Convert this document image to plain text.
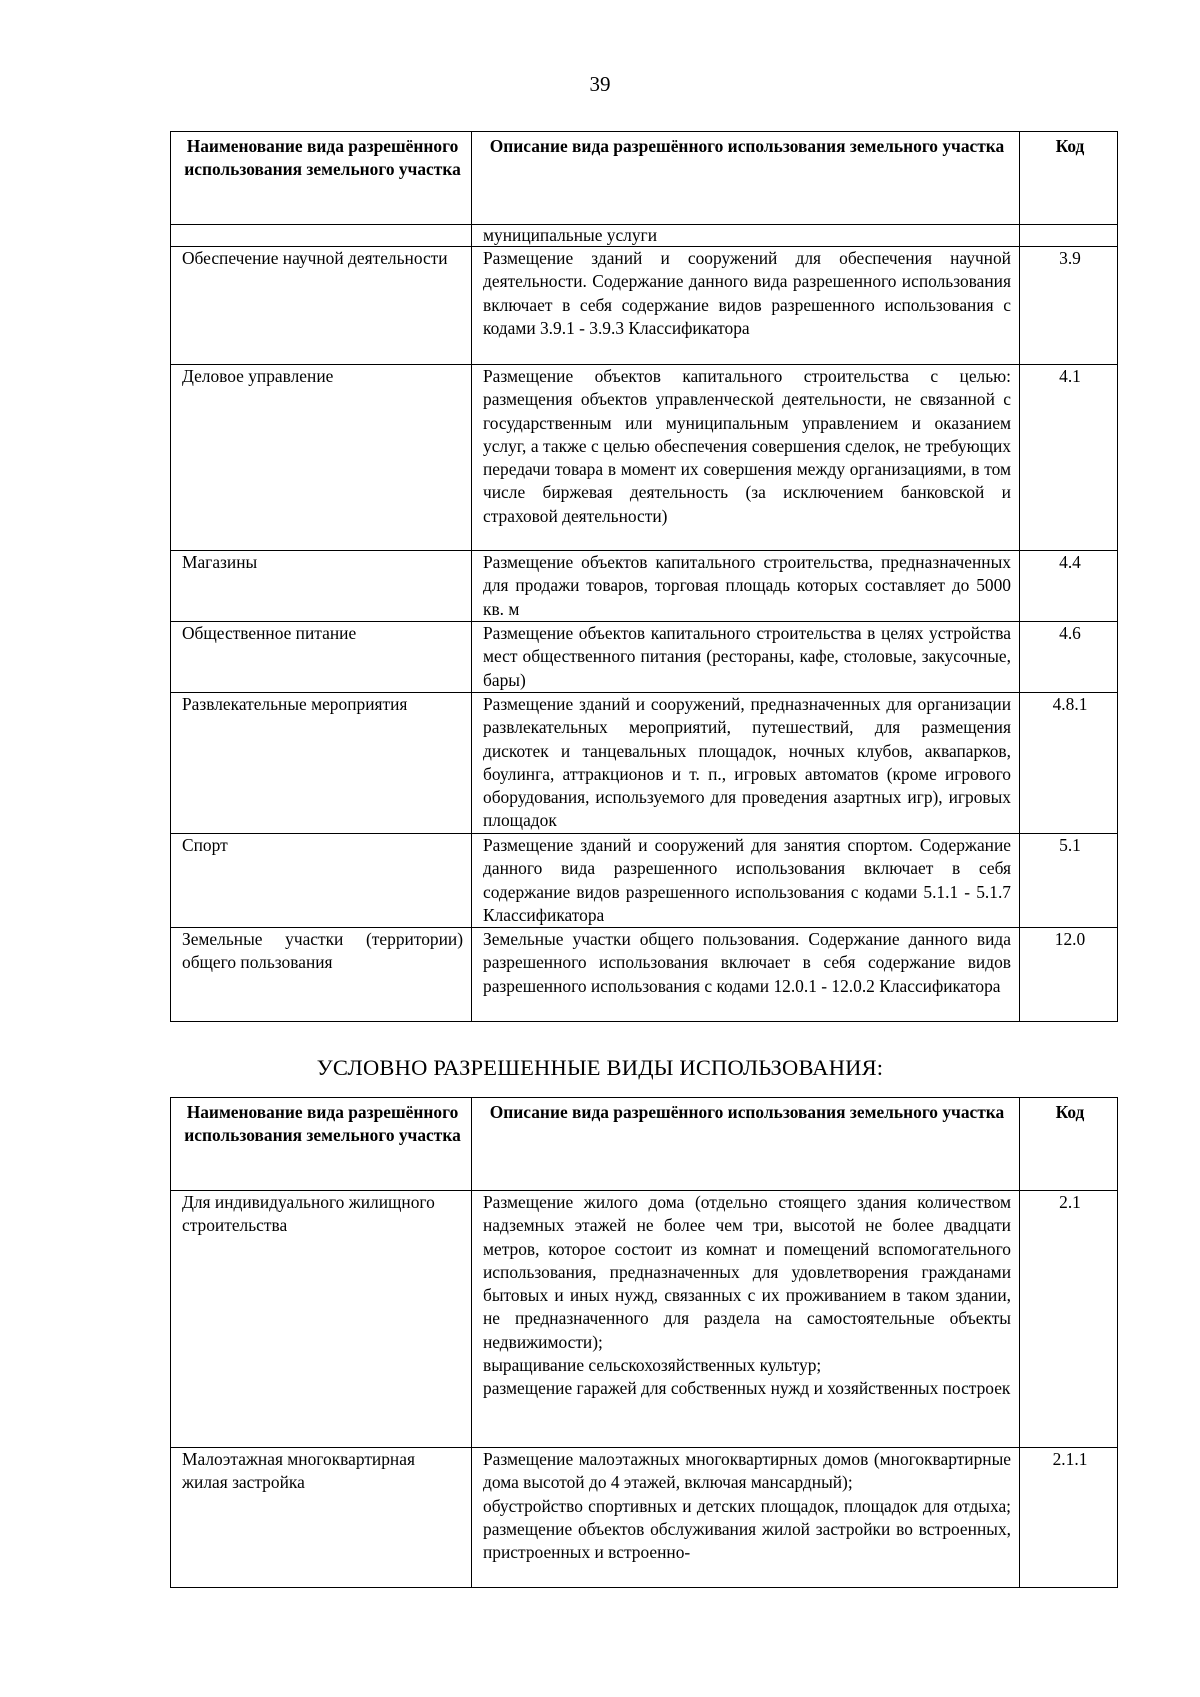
39
Наименование вида разрешённого использования земельного участка	Описание вида разрешённого использования земельного участка	Код
	муниципальные услуги	
Обеспечение научной деятельности	Размещение зданий и сооружений для обеспечения научной деятельности. Содержание данного вида разрешенного использования включает в себя содержание видов разрешенного использования с кодами 3.9.1 - 3.9.3 Классификатора	3.9
Деловое управление	Размещение объектов капитального строительства с целью: размещения объектов управленческой деятельности, не связанной с государственным или муниципальным управлением и оказанием услуг, а также с целью обеспечения совершения сделок, не требующих передачи товара в момент их совершения между организациями, в том числе биржевая деятельность (за исключением банковской и страховой деятельности)	4.1
Магазины	Размещение объектов капитального строительства, предназначенных для продажи товаров, торговая площадь которых составляет до 5000 кв. м	4.4
Общественное питание	Размещение объектов капитального строительства в целях устройства мест общественного питания (рестораны, кафе, столовые, закусочные, бары)	4.6
Развлекательные мероприятия	Размещение зданий и сооружений, предназначенных для организации развлекательных мероприятий, путешествий, для размещения дискотек и танцевальных площадок, ночных клубов, аквапарков, боулинга, аттракционов и т. п., игровых автоматов (кроме игрового оборудования, используемого для проведения азартных игр), игровых площадок	4.8.1
Спорт	Размещение зданий и сооружений для занятия спортом. Содержание данного вида разрешенного использования включает в себя содержание видов разрешенного использования с кодами 5.1.1 - 5.1.7 Классификатора	5.1
Земельные участки (территории) общего пользования	Земельные участки общего пользования. Содержание данного вида разрешенного использования включает в себя содержание видов разрешенного использования с кодами 12.0.1 - 12.0.2 Классификатора	12.0
УСЛОВНО РАЗРЕШЕННЫЕ ВИДЫ ИСПОЛЬЗОВАНИЯ:
Наименование вида разрешённого использования земельного участка	Описание вида разрешённого использования земельного участка	Код
Для индивидуального жилищного строительства	Размещение жилого дома (отдельно стоящего здания количеством надземных этажей не более чем три, высотой не более двадцати метров, которое состоит из комнат и помещений вспомогательного использования, предназначенных для удовлетворения гражданами бытовых и иных нужд, связанных с их проживанием в таком здании, не предназначенного для раздела на самостоятельные объекты недвижимости);
выращивание сельскохозяйственных культур;
размещение гаражей для собственных нужд и хозяйственных построек	2.1
Малоэтажная многоквартирная жилая застройка	Размещение малоэтажных многоквартирных домов (многоквартирные дома высотой до 4 этажей, включая мансардный);
обустройство спортивных и детских площадок, площадок для отдыха; размещение объектов обслуживания жилой застройки во встроенных, пристроенных и встроенно-	2.1.1
